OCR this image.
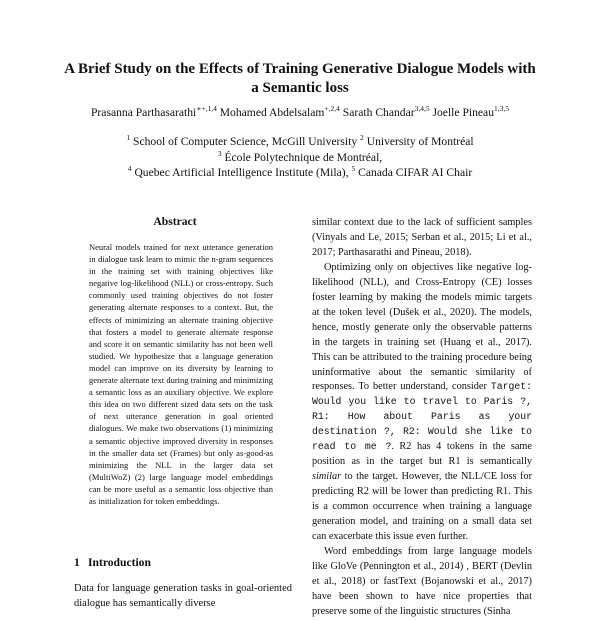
A Brief Study on the Effects of Training Generative Dialogue Models with a Semantic loss
Prasanna Parthasarathi$^{∗+,1,4}$ Mohamed Abdelsalam$^{+,2,4}$ Sarath Chandar$^{3,4,5}$ Joelle Pineau$^{1,3,5}$
$^1$ School of Computer Science, McGill University $^2$ University of Montréal
$^3$ École Polytechnique de Montréal,
$^4$ Quebec Artificial Intelligence Institute (Mila), $^5$ Canada CIFAR AI Chair
Abstract
Neural models trained for next utterance generation in dialogue task learn to mimic the n-gram sequences in the training set with training objectives like negative log-likelihood (NLL) or cross-entropy. Such commonly used training objectives do not foster generating alternate responses to a context. But, the effects of minimizing an alternate training objective that fosters a model to generate alternate response and score it on semantic similarity has not been well studied. We hypothesize that a language generation model can improve on its diversity by learning to generate alternate text during training and minimizing a semantic loss as an auxiliary objective. We explore this idea on two different sized data sets on the task of next utterance generation in goal oriented dialogues. We make two observations (1) minimizing a semantic objective improved diversity in responses in the smaller data set (Frames) but only as-good-as minimizing the NLL in the larger data set (MultiWoZ) (2) large language model embeddings can be more useful as a semantic loss objective than as initialization for token embeddings.
1 Introduction
Data for language generation tasks in goal-oriented dialogue has semantically diverse

similar context due to the lack of sufficient samples (Vinyals and Le, 2015; Serban et al., 2015; Li et al., 2017; Parthasarathi and Pineau, 2018).

Optimizing only on objectives like negative log-likelihood (NLL), and Cross-Entropy (CE) losses foster learning by making the models mimic targets at the token level (Dušek et al., 2020). The models, hence, mostly generate only the observable patterns in the targets in training set (Huang et al., 2017). This can be attributed to the training procedure being uninformative about the semantic similarity of responses. To better understand, consider Target: Would you like to travel to Paris ?, R1: How about Paris as your destination ?, R2: Would she like to read to me ?. R2 has 4 tokens in the same position as in the target but R1 is semantically similar to the target. However, the NLL/CE loss for predicting R2 will be lower than predicting R1. This is a common occurrence when training a language generation model, and training on a small data set can exacerbate this issue even further.

Word embeddings from large language models like GloVe (Pennington et al., 2014) , BERT (Devlin et al., 2018) or fastText (Bojanowski et al., 2017) have been shown to have nice properties that preserve some of the linguistic structures (Sinha
